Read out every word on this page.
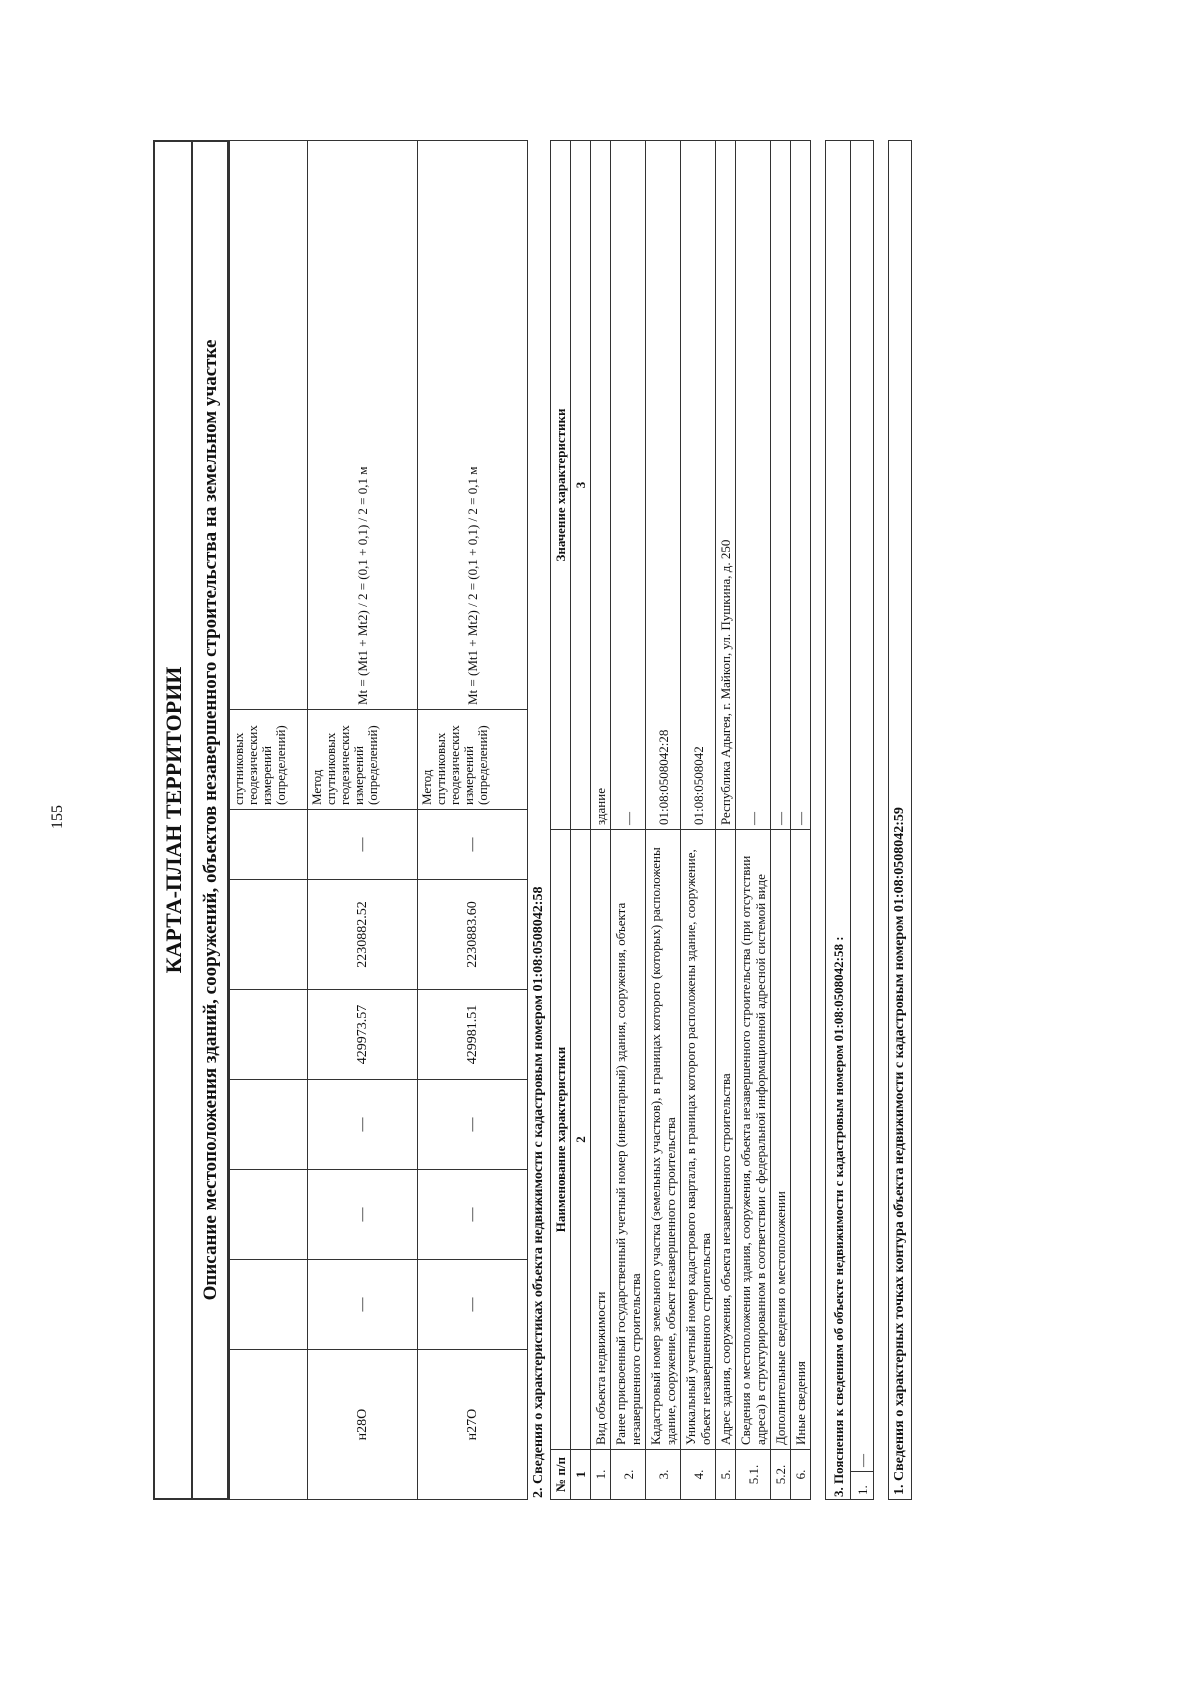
155	КАРТА-ПЛАН ТЕРРИТОРИИ
Описание местоположения зданий, сооружений, объектов незавершенного строительства на земельном участке
							спутниковых геодезических измерений (определений)	
н28О	—	—	—	429973.57	2230882.52	—	Метод спутниковых геодезических измерений (определений)	Mt = (Mt1 + Mt2) / 2 = (0,1 + 0,1) / 2 = 0,1 м
н27О	—	—	—	429981.51	2230883.60	—	Метод спутниковых геодезических измерений (определений)	Mt = (Mt1 + Mt2) / 2 = (0,1 + 0,1) / 2 = 0,1 м
2. Сведения о характеристиках объекта недвижимости с кадастровым номером 01:08:0508042:58 № п/п	Наименование характеристики	Значение характеристики
1	2	3
1.	Вид объекта недвижимости	здание
2.	Ранее присвоенный государственный учетный номер (инвентарный) здания, сооружения, объекта незавершенного строительства	—
3.	Кадастровый номер земельного участка (земельных участков), в границах которого (которых) расположены здание, сооружение, объект незавершенного строительства	01:08:0508042:28
4.	Уникальный учетный номер кадастрового квартала, в границах которого расположены здание, сооружение, объект незавершенного строительства	01:08:0508042
5.	Адрес здания, сооружения, объекта незавершенного строительства	Республика Адыгея, г. Майкоп, ул. Пушкина, д. 250
5.1.	Сведения о местоположении здания, сооружения, объекта незавершенного строительства (при отсутствии адреса) в структурированном в соответствии с федеральной информационной адресной системой виде	—
5.2.	Дополнительные сведения о местоположении	—
6.	Иные сведения	—
3. Пояснения к сведениям об объекте недвижимости с кадастровым номером 01:08:0508042:58 :
1.	— 1. Сведения о характерных точках контура объекта недвижимости с кадастровым номером 01:08:0508042:59
